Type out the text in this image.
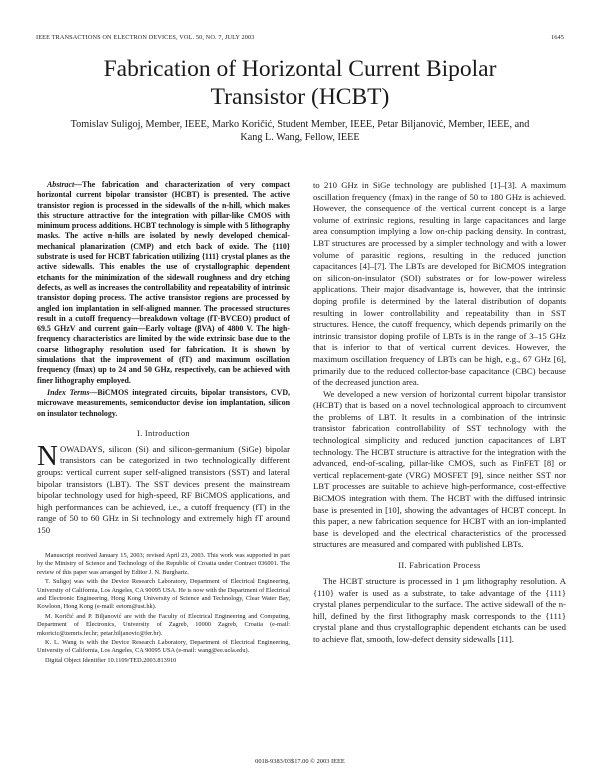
IEEE TRANSACTIONS ON ELECTRON DEVICES, VOL. 50, NO. 7, JULY 2003	1645
Fabrication of Horizontal Current Bipolar Transistor (HCBT)

Tomislav Suligoj, Member, IEEE, Marko Koričić, Student Member, IEEE, Petar Biljanović, Member, IEEE, and Kang L. Wang, Fellow, IEEE

Abstract—The fabrication and characterization of very compact horizontal current bipolar transistor (HCBT) is presented. The active transistor region is processed in the sidewalls of the n-hill, which makes this structure attractive for the integration with pillar-like CMOS with minimum process additions. HCBT technology is simple with 5 lithography masks. The active n-hills are isolated by newly developed chemical-mechanical planarization (CMP) and etch back of oxide. The {110} substrate is used for HCBT fabrication utilizing {111} crystal planes as the active sidewalls. This enables the use of crystallographic dependent etchants for the minimization of the sidewall roughness and dry etching defects, as well as increases the controllability and repeatability of intrinsic transistor doping process. The active transistor regions are processed by angled ion implantation in self-aligned manner. The processed structures result in a cutoff frequency—breakdown voltage (fT·BVCEO) product of 69.5 GHzV and current gain—Early voltage (βVA) of 4800 V. The high-frequency characteristics are limited by the wide extrinsic base due to the coarse lithography resolution used for fabrication. It is shown by simulations that the improvement of (fT) and maximum oscillation frequency (fmax) up to 24 and 50 GHz, respectively, can be achieved with finer lithography employed.

Index Terms—BiCMOS integrated circuits, bipolar transistors, CVD, microwave measurements, semiconductor devise ion implantation, silicon on insulator technology.

I. Introduction

NOWADAYS, silicon (Si) and silicon-germanium (SiGe) bipolar transistors can be categorized in two technologically different groups: vertical current super self-aligned transistors (SST) and lateral bipolar transistors (LBT). The SST devices present the mainstream bipolar technology used for high-speed, RF BiCMOS applications, and high performances can be achieved, i.e., a cutoff frequency (fT) in the range of 50 to 60 GHz in Si technology and extremely high fT around 150

Manuscript received January 15, 2003; revised April 23, 2003. This work was supported in part by the Ministry of Science and Technology of the Republic of Croatia under Contract 036001. The review of this paper was arranged by Editor J. N. Burghartz.

T. Suligoj was with the Device Research Laboratory, Department of Electrical Engineering, University of California, Los Angeles, CA 90095 USA. He is now with the Department of Electrical and Electronic Engineering, Hong Kong University of Science and Technology, Clear Water Bay, Kowloon, Hong Kong (e-mail: eetom@ust.hk).

M. Koričić and P. Biljanović are with the Faculty of Electrical Engineering and Computing, Department of Electronics, University of Zagreb, 10000 Zagreb, Croatia (e-mail: mkoricic@zemris.fer.hr; petar.biljanovic@fer.hr).

K. L. Wang is with the Device Research Laboratory, Department of Electrical Engineering, University of California, Los Angeles, CA 90095 USA (e-mail: wang@ee.ucla.edu).

Digital Object Identifier 10.1109/TED.2003.813910

to 210 GHz in SiGe technology are published [1]–[3]. A maximum oscillation frequency (fmax) in the range of 50 to 180 GHz is achieved. However, the consequence of the vertical current concept is a large volume of extrinsic regions, resulting in large capacitances and large area consumption implying a low on-chip packing density. In contrast, LBT structures are processed by a simpler technology and with a lower volume of parasitic regions, resulting in the reduced junction capacitances [4]–[7]. The LBTs are developed for BiCMOS integration on silicon-on-insulator (SOI) substrates or for low-power wireless applications. Their major disadvantage is, however, that the intrinsic doping profile is determined by the lateral distribution of dopants resulting in lower controllability and repeatability than in SST structures. Hence, the cutoff frequency, which depends primarily on the intrinsic transistor doping profile of LBTs is in the range of 3–15 GHz that is inferior to that of vertical current devices. However, the maximum oscillation frequency of LBTs can be high, e.g., 67 GHz [6], primarily due to the reduced collector-base capacitance (CBC) because of the decreased junction area.

We developed a new version of horizontal current bipolar transistor (HCBT) that is based on a novel technological approach to circumvent the problems of LBT. It results in a combination of the intrinsic transistor fabrication controllability of SST technology with the technological simplicity and reduced junction capacitances of LBT technology. The HCBT structure is attractive for the integration with the advanced, end-of-scaling, pillar-like CMOS, such as FinFET [8] or vertical replacement-gate (VRG) MOSFET [9], since neither SST nor LBT processes are suitable to achieve high-performance, cost-effective BiCMOS integration with them. The HCBT with the diffused intrinsic base is presented in [10], showing the advantages of HCBT concept. In this paper, a new fabrication sequence for HCBT with an ion-implanted base is developed and the electrical characteristics of the processed structures are measured and compared with published LBTs.

II. Fabrication Process

The HCBT structure is processed in 1 μm lithography resolution. A {110} wafer is used as a substrate, to take advantage of the {111} crystal planes perpendicular to the surface. The active sidewall of the n-hill, defined by the first lithography mask corresponds to the {111} crystal plane and thus crystallographic dependent etchants can be used to achieve flat, smooth, low-defect density sidewalls [11].

0018-9383/03$17.00 © 2003 IEEE
